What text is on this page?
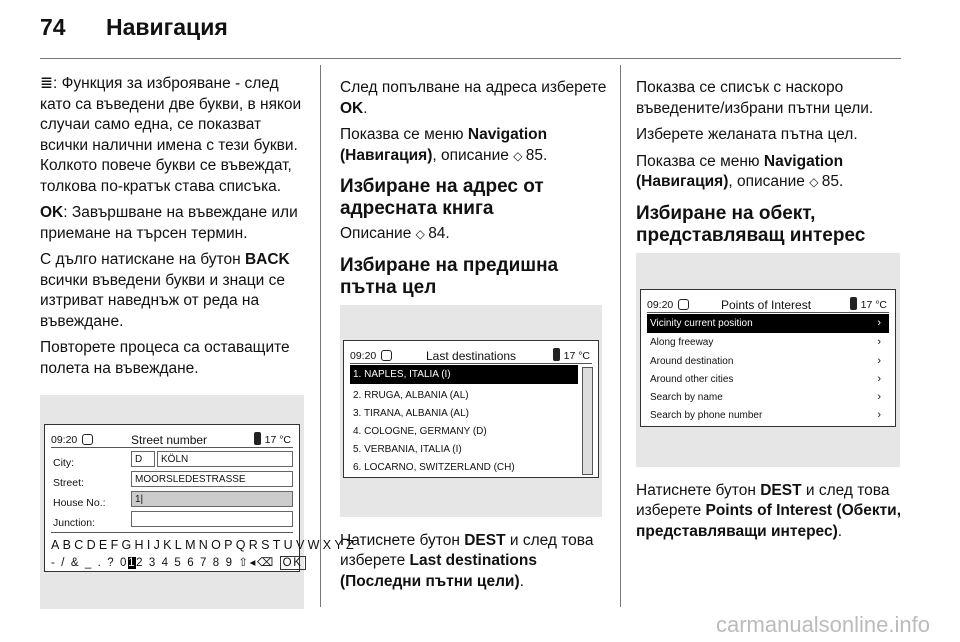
74 Навигация

≣: Функция за изброяване - след като са въведени две букви, в някои случаи само една, се показват всички налични имена с тези букви. Колкото повече букви се въвеждат, толкова по-кратък става списъка.

OK: Завършване на въвеждане или приемане на търсен термин.

С дълго натискане на бутон BACK всички въведени букви и знаци се изтриват наведнъж от реда на въвеждане.

Повторете процеса са оставащите полета на въвеждане.

09:20	Street number	17 °C
City:	D	KÖLN
Street:	MOORSLEDESTRASSE
House No.:	1|
Junction:
ABCDEFGHIJKLMNOPQRSTUVWXYZ
- / & _ . ? 012 3 4 5 6 7 8 9 ⇧◂⌫ OK

След попълване на адреса изберете OK.

Показва се меню Navigation (Навигация), описание ◇ 85.

Избиране на адрес от адресната книга

Описание ◇ 84.

Избиране на предишна пътна цел
09:20	Last destinations	17 °C
1. NAPLES, ITALIA (I)
2. RRUGA, ALBANIA (AL)
3. TIRANA, ALBANIA (AL)
4. COLOGNE, GERMANY (D)
5. VERBANIA, ITALIA (I)
6. LOCARNO, SWITZERLAND (CH)

Натиснете бутон DEST и след това изберете Last destinations (Последни пътни цели).

Показва се списък с наскоро въведените/избрани пътни цели.

Изберете желаната пътна цел.

Показва се меню Navigation (Навигация), описание ◇ 85.

Избиране на обект, представляващ интерес
09:20	Points of Interest	17 °C
Vicinity current position	›
Along freeway	›
Around destination	›
Around other cities	›
Search by name	›
Search by phone number	›

Натиснете бутон DEST и след това изберете Points of Interest (Обекти, представляващи интерес).

carmanualsonline.info
